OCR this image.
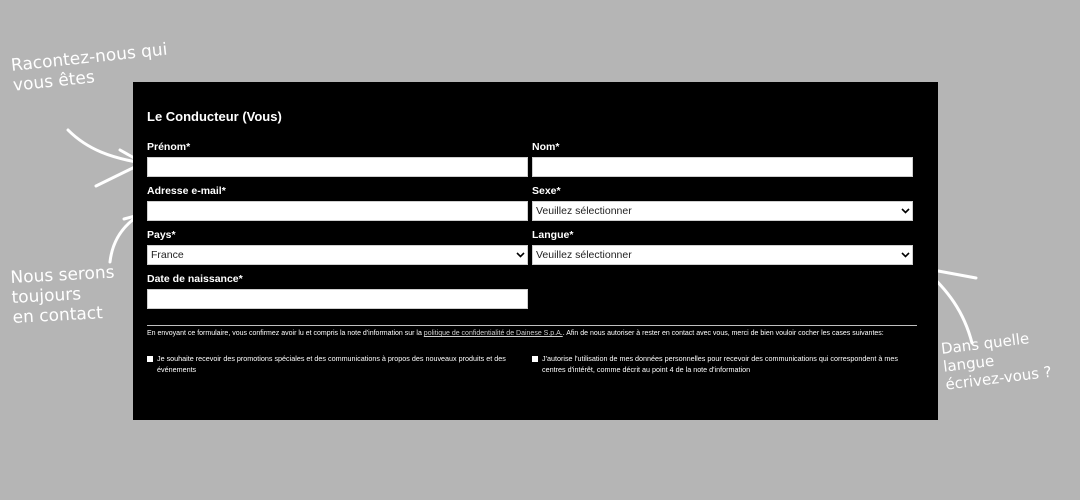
Racontez-nous qui
vous êtes
Nous serons
toujours
en contact
Dans quelle langue
écrivez-vous ?
Le Conducteur (Vous)
Prénom*	Nom*
Adresse e-mail*	Sexe*
Veuillez sélectionner
Pays*
France
Langue*
Veuillez sélectionner
Date de naissance*
En envoyant ce formulaire, vous confirmez avoir lu et compris la note d'information sur la politique de confidentialité de Dainese S.p.A.. Afin de nous autoriser à rester en contact avec vous, merci de bien vouloir cocher les cases suivantes:
Je souhaite recevoir des promotions spéciales et des communications à propos des nouveaux produits et des événements
J'autorise l'utilisation de mes données personnelles pour recevoir des communications qui correspondent à mes centres d'intérêt, comme décrit au point 4 de la note d'information
